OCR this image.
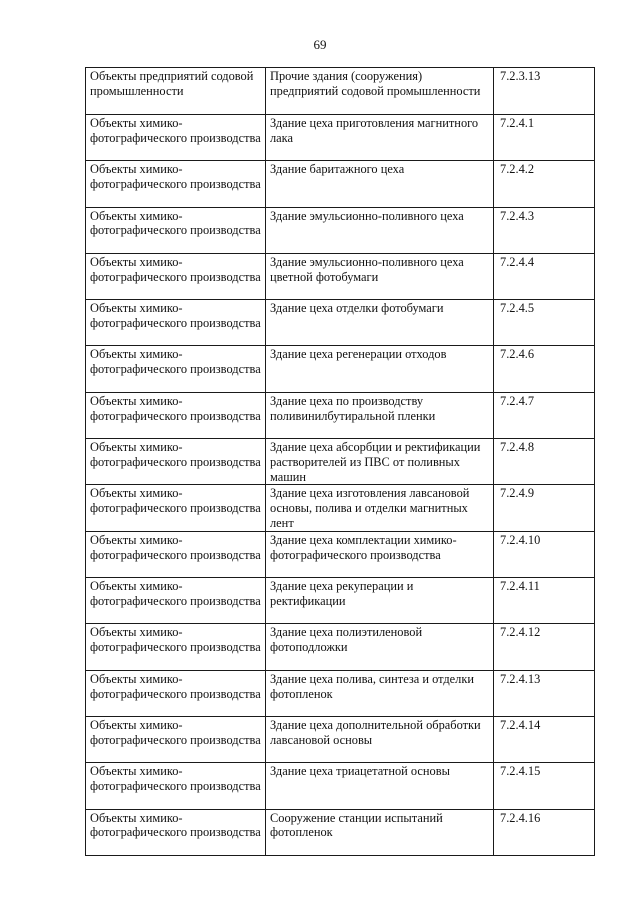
69
Объекты предприятий содовой промышленности	Прочие здания (сооружения) предприятий содовой промышленности	7.2.3.13
Объекты химико-фотографического производства	Здание цеха приготовления магнитного лака	7.2.4.1
Объекты химико-фотографического производства	Здание баритажного цеха	7.2.4.2
Объекты химико-фотографического производства	Здание эмульсионно-поливного цеха	7.2.4.3
Объекты химико-фотографического производства	Здание эмульсионно-поливного цеха цветной фотобумаги	7.2.4.4
Объекты химико-фотографического производства	Здание цеха отделки фотобумаги	7.2.4.5
Объекты химико-фотографического производства	Здание цеха регенерации отходов	7.2.4.6
Объекты химико-фотографического производства	Здание цеха по производству поливинилбутиральной пленки	7.2.4.7
Объекты химико-фотографического производства	Здание цеха абсорбции и ректификации растворителей из ПВС от поливных машин	7.2.4.8
Объекты химико-фотографического производства	Здание цеха изготовления лавсановой основы, полива и отделки магнитных лент	7.2.4.9
Объекты химико-фотографического производства	Здание цеха комплектации химико-фотографического производства	7.2.4.10
Объекты химико-фотографического производства	Здание цеха рекуперации и ректификации	7.2.4.11
Объекты химико-фотографического производства	Здание цеха полиэтиленовой фотоподложки	7.2.4.12
Объекты химико-фотографического производства	Здание цеха полива, синтеза и отделки фотопленок	7.2.4.13
Объекты химико-фотографического производства	Здание цеха дополнительной обработки лавсановой основы	7.2.4.14
Объекты химико-фотографического производства	Здание цеха триацетатной основы	7.2.4.15
Объекты химико-фотографического производства	Сооружение станции испытаний фотопленок	7.2.4.16
